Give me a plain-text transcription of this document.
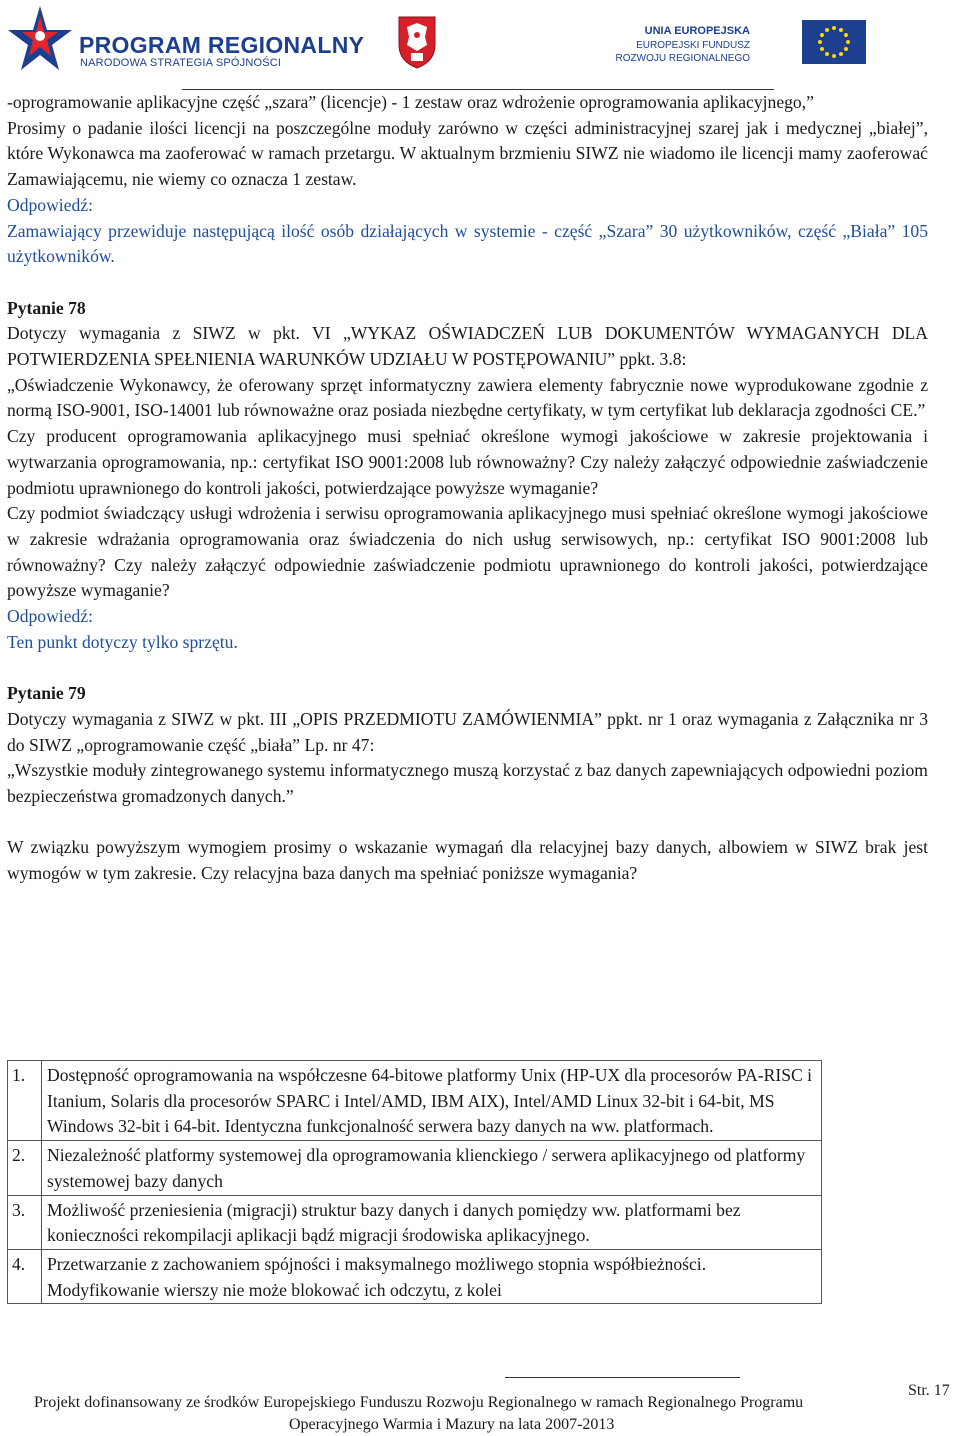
PROGRAM REGIONALNY
NARODOWA STRATEGIA SPÓJNOŚCI
UNIA EUROPEJSKA
EUROPEJSKI FUNDUSZ
ROZWOJU REGIONALNEGO

-oprogramowanie aplikacyjne część „szara” (licencje) - 1 zestaw oraz wdrożenie oprogramowania aplikacyjnego,”

Prosimy o padanie ilości licencji na poszczególne moduły zarówno w części administracyjnej szarej jak i medycznej „białej”, które Wykonawca ma zaoferować w ramach przetargu. W aktualnym brzmieniu SIWZ nie wiadomo ile licencji mamy zaoferować Zamawiającemu, nie wiemy co oznacza 1 zestaw.

Odpowiedź:

Zamawiający przewiduje następującą ilość osób działających w systemie - część „Szara” 30 użytkowników, część „Biała” 105 użytkowników.

Pytanie 78

Dotyczy wymagania z SIWZ w pkt. VI „WYKAZ OŚWIADCZEŃ LUB DOKUMENTÓW WYMAGANYCH DLA POTWIERDZENIA SPEŁNIENIA WARUNKÓW UDZIAŁU W POSTĘPOWANIU” ppkt. 3.8:

„Oświadczenie Wykonawcy, że oferowany sprzęt informatyczny zawiera elementy fabrycznie nowe wyprodukowane zgodnie z normą ISO-9001, ISO-14001 lub równoważne oraz posiada niezbędne certyfikaty, w tym certyfikat lub deklaracja zgodności CE.”

Czy producent oprogramowania aplikacyjnego musi spełniać określone wymogi jakościowe w zakresie projektowania i wytwarzania oprogramowania, np.: certyfikat ISO 9001:2008 lub równoważny? Czy należy załączyć odpowiednie zaświadczenie podmiotu uprawnionego do kontroli jakości, potwierdzające powyższe wymaganie?

Czy podmiot świadczący usługi wdrożenia i serwisu oprogramowania aplikacyjnego musi spełniać określone wymogi jakościowe w zakresie wdrażania oprogramowania oraz świadczenia do nich usług serwisowych, np.: certyfikat ISO 9001:2008 lub równoważny? Czy należy załączyć odpowiednie zaświadczenie podmiotu uprawnionego do kontroli jakości, potwierdzające powyższe wymaganie?

Odpowiedź:

Ten punkt dotyczy tylko sprzętu.

Pytanie 79

Dotyczy wymagania z SIWZ w pkt. III „OPIS PRZEDMIOTU ZAMÓWIENMIA” ppkt. nr 1 oraz wymagania z Załącznika nr 3 do SIWZ „oprogramowanie część „biała” Lp. nr 47:

„Wszystkie moduły zintegrowanego systemu informatycznego muszą korzystać z baz danych zapewniających odpowiedni poziom bezpieczeństwa gromadzonych danych.”

W związku powyższym wymogiem prosimy o wskazanie wymagań dla relacyjnej bazy danych, albowiem w SIWZ brak jest wymogów w tym zakresie. Czy relacyjna baza danych ma spełniać poniższe wymagania?

1.	Dostępność oprogramowania na współczesne 64-bitowe platformy Unix (HP-UX dla procesorów PA-RISC i Itanium, Solaris dla procesorów SPARC i Intel/AMD, IBM AIX), Intel/AMD Linux 32-bit i 64-bit, MS Windows 32-bit i 64-bit. Identyczna funkcjonalność serwera bazy danych na ww. platformach.
2.	Niezależność platformy systemowej dla oprogramowania klienckiego / serwera aplikacyjnego od platformy systemowej bazy danych
3.	Możliwość przeniesienia (migracji) struktur bazy danych i danych pomiędzy ww. platformami bez konieczności rekompilacji aplikacji bądź migracji środowiska aplikacyjnego.
4.	Przetwarzanie z zachowaniem spójności i maksymalnego możliwego stopnia współbieżności. Modyfikowanie wierszy nie może blokować ich odczytu, z kolei
Projekt dofinansowany ze środków Europejskiego Funduszu Rozwoju Regionalnego w ramach Regionalnego Programu
Operacyjnego Warmia i Mazury na lata 2007-2013
Str. 17
